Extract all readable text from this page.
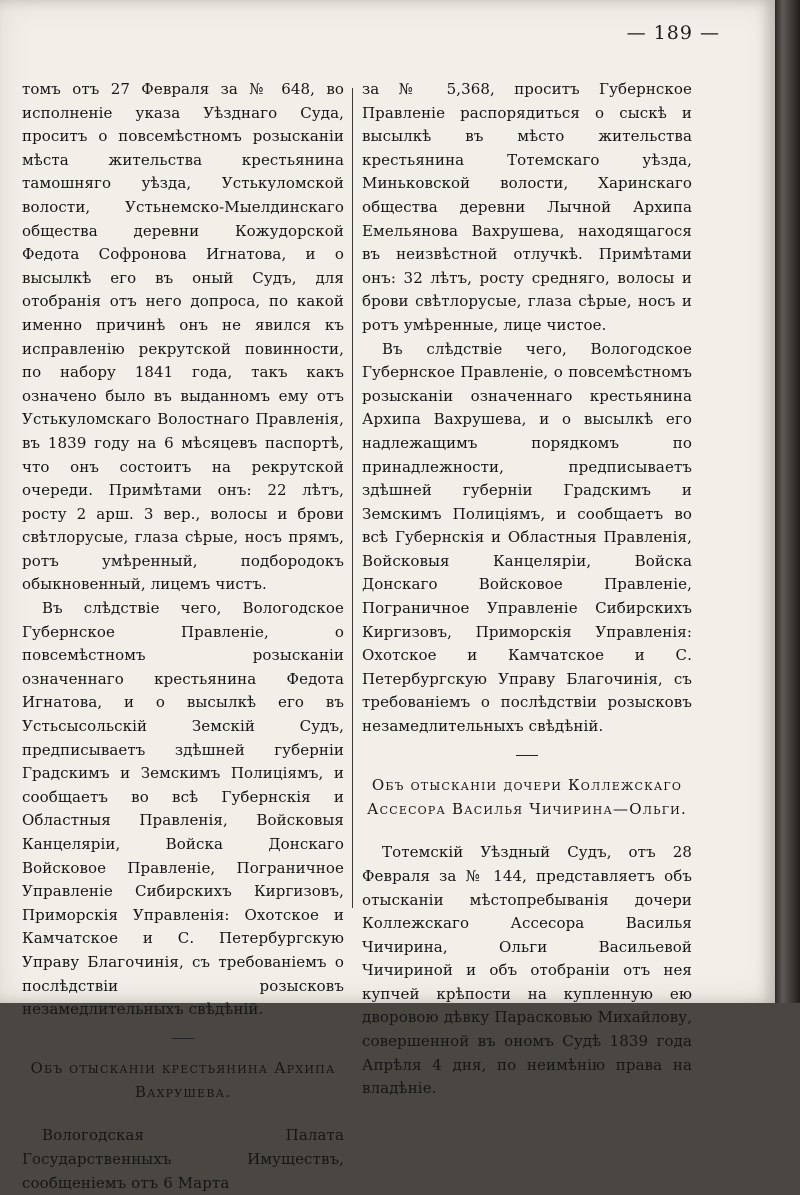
— 189 —

томъ отъ 27 Февраля за № 648, во исполненіе указа Уѣзднаго Суда, проситъ о повсемѣстномъ розысканіи мѣста жительства крестьянина тамошняго уѣзда, Устькуломской волости, Устьнемско-Мыелдинскаго общества деревни Кожудорской Федота Софронова Игнатова, и о высылкѣ его въ оный Судъ, для отобранія отъ него допроса, по какой именно причинѣ онъ не явился къ исправленію рекрутской повинности, по набору 1841 года, такъ какъ означено было въ выданномъ ему отъ Устькуломскаго Волостнаго Правленія, въ 1839 году на 6 мѣсяцевъ паспортѣ, что онъ состоитъ на рекрутской очереди. Примѣтами онъ: 22 лѣтъ, росту 2 арш. 3 вер., волосы и брови свѣтлорусые, глаза сѣрые, носъ прямъ, ротъ умѣренный, подбородокъ обыкновенный, лицемъ чистъ.

Въ слѣдствіе чего, Вологодское Губернское Правленіе, о повсемѣстномъ розысканіи означеннаго крестьянина Федота Игнатова, и о высылкѣ его въ Устьсысольскій Земскій Судъ, предписываетъ здѣшней губерніи Градскимъ и Земскимъ Полиціямъ, и сообщаетъ во всѣ Губернскія и Областныя Правленія, Войсковыя Канцеляріи, Войска Донскаго Войсковое Правленіе, Пограничное Управленіе Сибирскихъ Киргизовъ, Приморскія Управленія: Охотское и Камчатское и С. Петербургскую Управу Благочинія, съ требованіемъ о послѣдствіи розысковъ незамедлительныхъ свѣдѣній.

Объ отысканіи крестьянина Архипа Вахрушева.

Вологодская Палата Государственныхъ Имуществъ, сообщеніемъ отъ 6 Марта

за № 5,368, проситъ Губернское Правленіе распорядиться о сыскѣ и высылкѣ въ мѣсто жительства крестьянина Тотемскаго уѣзда, Миньковской волости, Харинскаго общества деревни Лычной Архипа Емельянова Вахрушева, находящагося въ неизвѣстной отлучкѣ. Примѣтами онъ: 32 лѣтъ, росту средняго, волосы и брови свѣтлорусые, глаза сѣрые, носъ и ротъ умѣренные, лице чистое.

Въ слѣдствіе чего, Вологодское Губернское Правленіе, о повсемѣстномъ розысканіи означеннаго крестьянина Архипа Вахрушева, и о высылкѣ его надлежащимъ порядкомъ по принадлежности, предписываетъ здѣшней губерніи Градскимъ и Земскимъ Полиціямъ, и сообщаетъ во всѣ Губернскія и Областныя Правленія, Войсковыя Канцеляріи, Войска Донскаго Войсковое Правленіе, Пограничное Управленіе Сибирскихъ Киргизовъ, Приморскія Управленія: Охотское и Камчатское и С. Петербургскую Управу Благочинія, съ требованіемъ о послѣдствіи розысковъ незамедлительныхъ свѣдѣній.

Объ отысканіи дочери Коллежскаго Ассесора Василья Чичирина—Ольги.

Тотемскій Уѣздный Судъ, отъ 28 Февраля за № 144, представляетъ объ отысканіи мѣстопребыванія дочери Коллежскаго Ассесора Василья Чичирина, Ольги Васильевой Чичириной и объ отобраніи отъ нея купчей крѣпости на купленную ею дворовою дѣвку Парасковью Михайлову, совершенной въ ономъ Судѣ 1839 года Апрѣля 4 дня, по неимѣнію права на владѣніе.
